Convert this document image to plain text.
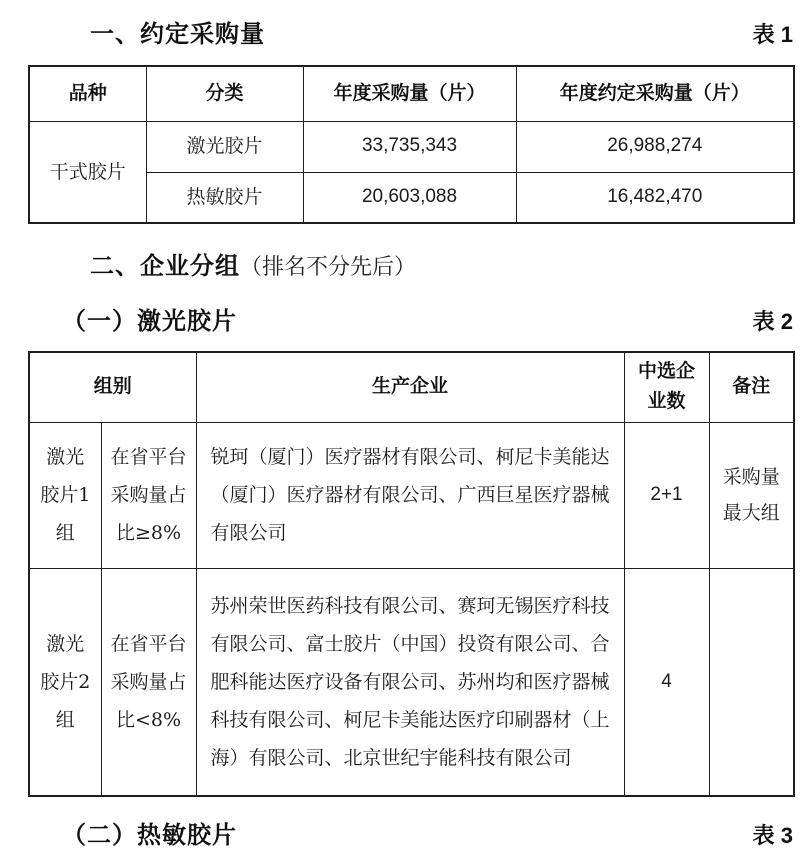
一、约定采购量	表 1
品种	分类	年度采购量（片）	年度约定采购量（片）
干式胶片	激光胶片	33,735,343	26,988,274
	热敏胶片	20,603,088	16,482,470
二、企业分组（排名不分先后）
（一）激光胶片	表 2
组别		生产企业	中选企业数	备注
激光胶片1组	在省平台采购量占比≥8%	锐珂（厦门）医疗器材有限公司、柯尼卡美能达（厦门）医疗器材有限公司、广西巨星医疗器械有限公司	2+1	采购量最大组
激光胶片2组	在省平台采购量占比<8%	苏州荣世医药科技有限公司、赛珂无锡医疗科技有限公司、富士胶片（中国）投资有限公司、合肥科能达医疗设备有限公司、苏州均和医疗器械科技有限公司、柯尼卡美能达医疗印刷器材（上海）有限公司、北京世纪宇能科技有限公司	4	
（二）热敏胶片	表 3
